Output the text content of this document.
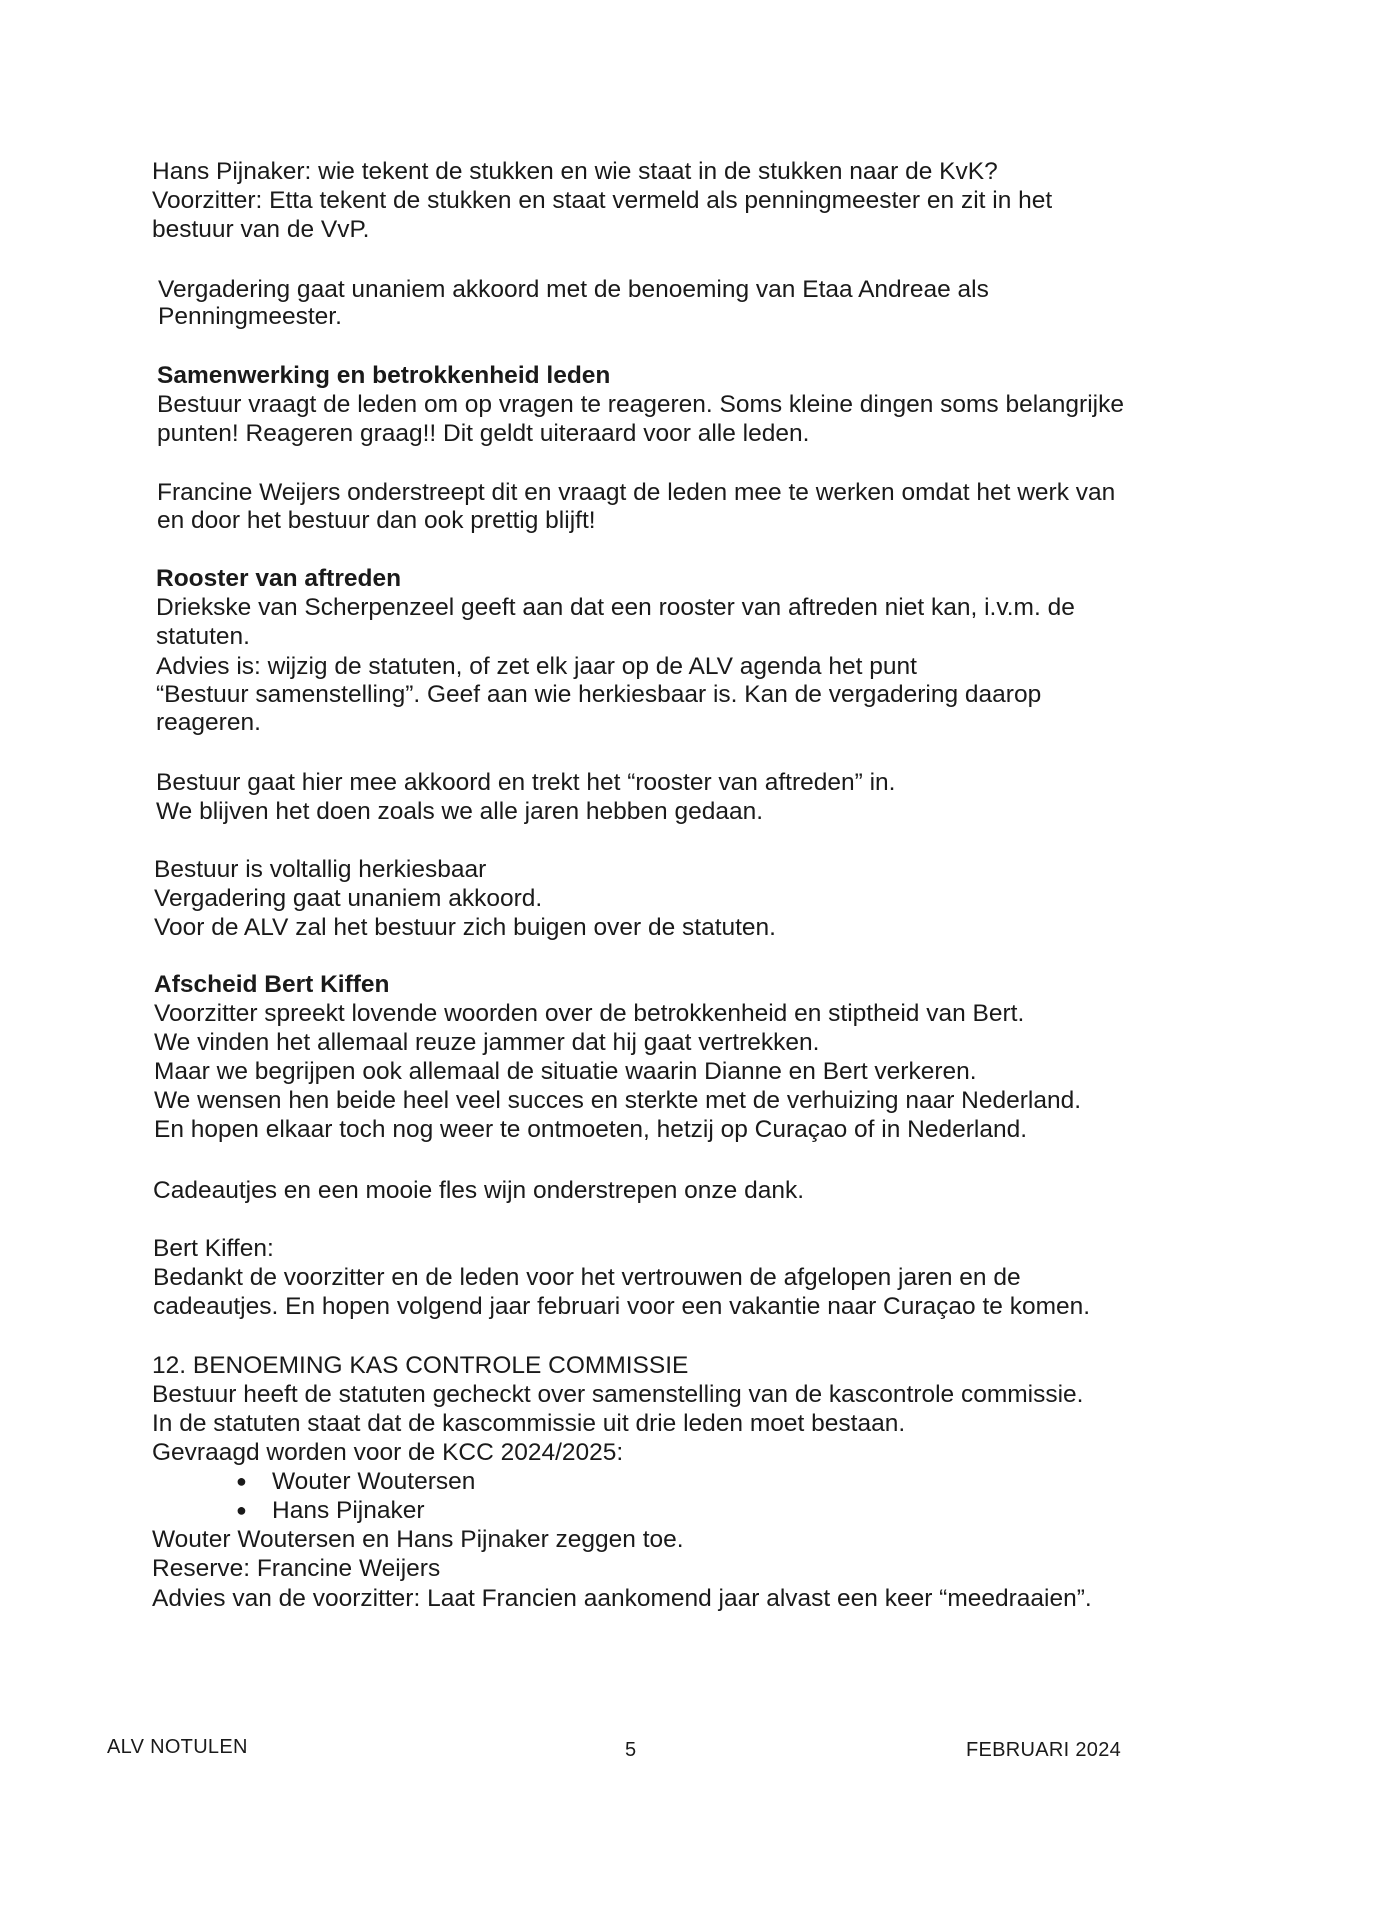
Hans Pijnaker: wie tekent de stukken en wie staat in de stukken naar de KvK?

Voorzitter: Etta tekent de stukken en staat vermeld als penningmeester en zit in het

bestuur van de VvP.

Vergadering gaat unaniem akkoord met de benoeming van Etaa Andreae als

Penningmeester.

Samenwerking en betrokkenheid leden

Bestuur vraagt de leden om op vragen te reageren. Soms kleine dingen soms belangrijke

punten! Reageren graag!! Dit geldt uiteraard voor alle leden.

Francine Weijers onderstreept dit en vraagt de leden mee te werken omdat het werk van

en door het bestuur dan ook prettig blijft!

Rooster van aftreden

Driekske van Scherpenzeel geeft aan dat een rooster van aftreden niet kan, i.v.m. de

statuten.

Advies is: wijzig de statuten, of zet elk jaar op de ALV agenda het punt

“Bestuur samenstelling”. Geef aan wie herkiesbaar is. Kan de vergadering daarop

reageren.

Bestuur gaat hier mee akkoord en trekt het “rooster van aftreden” in.

We blijven het doen zoals we alle jaren hebben gedaan.

Bestuur is voltallig herkiesbaar

Vergadering gaat unaniem akkoord.

Voor de ALV zal het bestuur zich buigen over de statuten.

Afscheid Bert Kiffen

Voorzitter spreekt lovende woorden over de betrokkenheid en stiptheid van Bert.

We vinden het allemaal reuze jammer dat hij gaat vertrekken.

Maar we begrijpen ook allemaal de situatie waarin Dianne en Bert verkeren.

We wensen hen beide heel veel succes en sterkte met de verhuizing naar Nederland.

En hopen elkaar toch nog weer te ontmoeten, hetzij op Curaçao of in Nederland.

Cadeautjes en een mooie fles wijn onderstrepen onze dank.

Bert Kiffen:

Bedankt de voorzitter en de leden voor het vertrouwen de afgelopen jaren en de

cadeautjes. En hopen volgend jaar februari voor een vakantie naar Curaçao te komen.

12. BENOEMING KAS CONTROLE COMMISSIE

Bestuur heeft de statuten gecheckt over samenstelling van de kascontrole commissie.

In de statuten staat dat de kascommissie uit drie leden moet bestaan.

Gevraagd worden voor de KCC 2024/2025:

● Wouter Woutersen

● Hans Pijnaker

Wouter Woutersen en Hans Pijnaker zeggen toe.

Reserve: Francine Weijers

Advies van de voorzitter: Laat Francien aankomend jaar alvast een keer “meedraaien”.

ALV NOTULEN	5	FEBRUARI 2024
